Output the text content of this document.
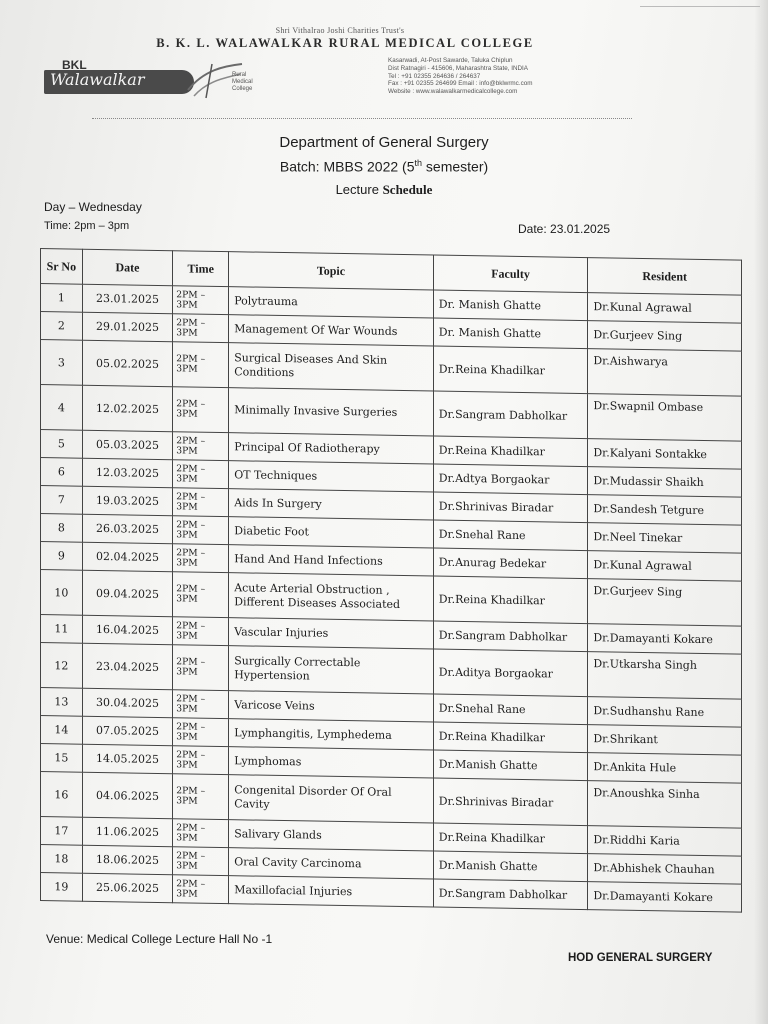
Shri Vithalrao Joshi Charities Trust's
B. K. L. WALAWALKAR RURAL MEDICAL COLLEGE
BKL
Walawalkar	Rural
Medical
College
Kasarwadi, At-Post Sawarde, Taluka Chiplun
Dist Ratnagiri - 415606, Maharashtra State, INDIA
Tel : +91 02355 264636 / 264637
Fax : +91 02355 264699 Email : info@bklwrmc.com
Website : www.walawalkarmedicalcollege.com
Department of General Surgery
Batch: MBBS 2022 (5th semester)
Lecture Schedule
Day – Wednesday
Time: 2pm – 3pm	Date: 23.01.2025
Sr No	Date	Time	Topic	Faculty	Resident
1	23.01.2025	2PM – 3PM	Polytrauma	Dr. Manish Ghatte	Dr.Kunal Agrawal
2	29.01.2025	2PM – 3PM	Management Of War Wounds	Dr. Manish Ghatte	Dr.Gurjeev Sing
3	05.02.2025	2PM – 3PM	Surgical Diseases And Skin Conditions	Dr.Reina Khadilkar	Dr.Aishwarya
4	12.02.2025	2PM – 3PM	Minimally Invasive Surgeries	Dr.Sangram Dabholkar	Dr.Swapnil Ombase
5	05.03.2025	2PM – 3PM	Principal Of Radiotherapy	Dr.Reina Khadilkar	Dr.Kalyani Sontakke
6	12.03.2025	2PM – 3PM	OT Techniques	Dr.Adtya Borgaokar	Dr.Mudassir Shaikh
7	19.03.2025	2PM – 3PM	Aids In Surgery	Dr.Shrinivas Biradar	Dr.Sandesh Tetgure
8	26.03.2025	2PM – 3PM	Diabetic Foot	Dr.Snehal Rane	Dr.Neel Tinekar
9	02.04.2025	2PM – 3PM	Hand And Hand Infections	Dr.Anurag Bedekar	Dr.Kunal Agrawal
10	09.04.2025	2PM – 3PM	Acute Arterial Obstruction , Different Diseases Associated	Dr.Reina Khadilkar	Dr.Gurjeev Sing
11	16.04.2025	2PM – 3PM	Vascular Injuries	Dr.Sangram Dabholkar	Dr.Damayanti Kokare
12	23.04.2025	2PM – 3PM	Surgically Correctable Hypertension	Dr.Aditya Borgaokar	Dr.Utkarsha Singh
13	30.04.2025	2PM – 3PM	Varicose Veins	Dr.Snehal Rane	Dr.Sudhanshu Rane
14	07.05.2025	2PM – 3PM	Lymphangitis, Lymphedema	Dr.Reina Khadilkar	Dr.Shrikant
15	14.05.2025	2PM – 3PM	Lymphomas	Dr.Manish Ghatte	Dr.Ankita Hule
16	04.06.2025	2PM – 3PM	Congenital Disorder Of Oral Cavity	Dr.Shrinivas Biradar	Dr.Anoushka Sinha
17	11.06.2025	2PM – 3PM	Salivary Glands	Dr.Reina Khadilkar	Dr.Riddhi Karia
18	18.06.2025	2PM – 3PM	Oral Cavity Carcinoma	Dr.Manish Ghatte	Dr.Abhishek Chauhan
19	25.06.2025	2PM – 3PM	Maxillofacial Injuries	Dr.Sangram Dabholkar	Dr.Damayanti Kokare
Venue: Medical College Lecture Hall No -1
HOD GENERAL SURGERY
